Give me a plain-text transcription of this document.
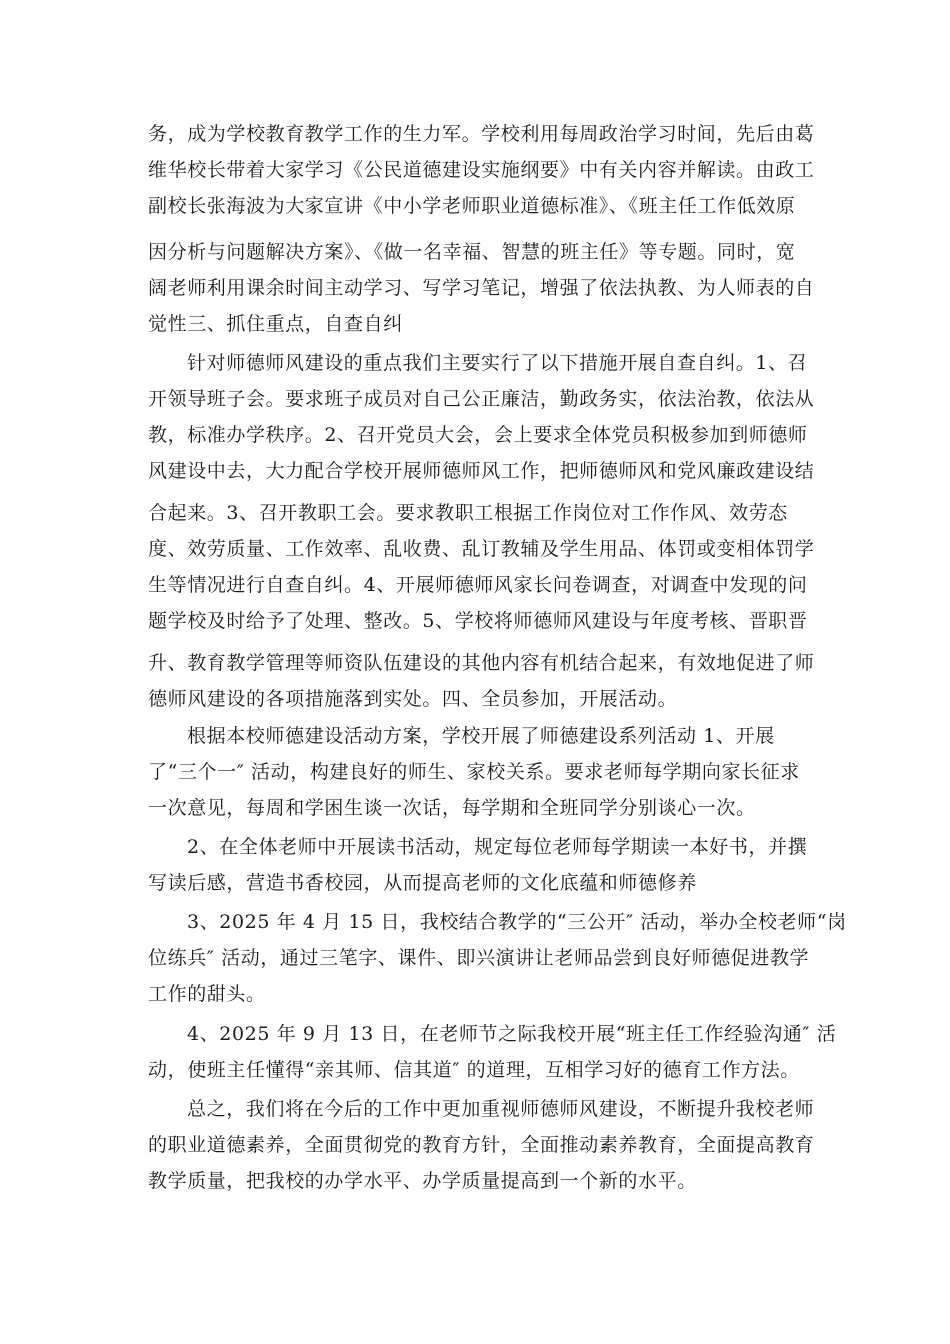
务，成为学校教育教学工作的生力军。学校利用每周政治学习时间，先后由葛

维华校长带着大家学习《公民道德建设实施纲要》中有关内容并解读。由政工

副校长张海波为大家宣讲《中小学老师职业道德标准》、《班主任工作低效原

因分析与问题解决方案》、《做一名幸福、智慧的班主任》等专题。同时，宽

阔老师利用课余时间主动学习、写学习笔记，增强了依法执教、为人师表的自

觉性三、抓住重点，自查自纠

针对师德师风建设的重点我们主要实行了以下措施开展自查自纠。1、召

开领导班子会。要求班子成员对自己公正廉洁，勤政务实，依法治教，依法从

教，标准办学秩序。2、召开党员大会，会上要求全体党员积极参加到师德师

风建设中去，大力配合学校开展师德师风工作，把师德师风和党风廉政建设结

合起来。3、召开教职工会。要求教职工根据工作岗位对工作作风、效劳态

度、效劳质量、工作效率、乱收费、乱订教辅及学生用品、体罚或变相体罚学

生等情况进行自查自纠。4、开展师德师风家长问卷调查，对调查中发现的问

题学校及时给予了处理、整改。5、学校将师德师风建设与年度考核、晋职晋

升、教育教学管理等师资队伍建设的其他内容有机结合起来，有效地促进了师

德师风建设的各项措施落到实处。四、全员参加，开展活动。

根据本校师德建设活动方案，学校开展了师德建设系列活动 1、开展

了“三个一″ 活动，构建良好的师生、家校关系。要求老师每学期向家长征求

一次意见，每周和学困生谈一次话，每学期和全班同学分别谈心一次。

2、在全体老师中开展读书活动，规定每位老师每学期读一本好书，并撰

写读后感，营造书香校园，从而提高老师的文化底蕴和师德修养

3、2025 年 4 月 15 日，我校结合教学的“三公开″ 活动，举办全校老师“岗

位练兵″ 活动，通过三笔字、课件、即兴演讲让老师品尝到良好师德促进教学

工作的甜头。

4、2025 年 9 月 13 日，在老师节之际我校开展“班主任工作经验沟通″ 活

动，使班主任懂得“亲其师、信其道″ 的道理，互相学习好的德育工作方法。

总之，我们将在今后的工作中更加重视师德师风建设，不断提升我校老师

的职业道德素养，全面贯彻党的教育方针，全面推动素养教育，全面提高教育

教学质量，把我校的办学水平、办学质量提高到一个新的水平。
